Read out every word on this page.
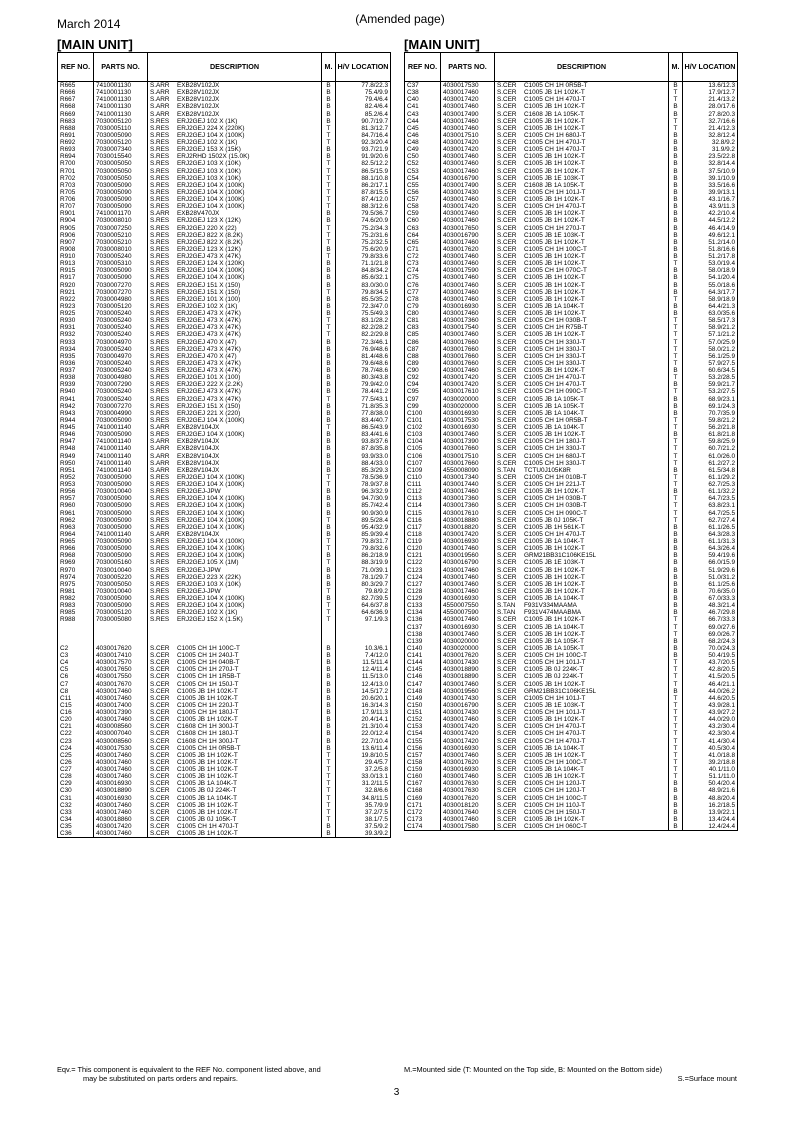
March 2014	(Amended page)
[MAIN UNIT]
REF NO.	PARTS NO.	DESCRIPTION	M.	H/V LOCATION
R665	7410001130	S.ARR EXB28V102JX	B	77.8/22.3
R666	7410001130	S.ARR EXB28V102JX	B	75.4/9.9
R667	7410001130	S.ARR EXB28V102JX	B	79.4/6.4
R668	7410001130	S.ARR EXB28V102JX	B	82.4/6.4
R669	7410001130	S.ARR EXB28V102JX	B	85.2/6.4
R683	7030005120	S.RES ERJ2GEJ 102 X (1K)	B	90.7/19.7
R688	7030005110	S.RES ERJ2GEJ 224 X (220K)	T	81.3/12.7
R691	7030005090	S.RES ERJ2GEJ 104 X (100K)	T	84.7/16.4
R692	7030005120	S.RES ERJ2GEJ 102 X (1K)	T	92.3/20.4
R693	7030007340	S.RES ERJ2GEJ 153 X (15K)	B	93.7/21.9
R694	7030015540	S.RES ERJ2RHD 1502X (15.0K)	B	91.9/20.6
R700	7030005050	S.RES ERJ2GEJ 103 X (10K)	T	82.5/12.2
R701	7030005050	S.RES ERJ2GEJ 103 X (10K)	T	86.5/15.9
R702	7030005050	S.RES ERJ2GEJ 103 X (10K)	T	88.1/10.8
R703	7030005090	S.RES ERJ2GEJ 104 X (100K)	T	86.2/17.1
R705	7030005090	S.RES ERJ2GEJ 104 X (100K)	T	87.8/15.5
R706	7030005090	S.RES ERJ2GEJ 104 X (100K)	T	87.4/12.0
R707	7030005090	S.RES ERJ2GEJ 104 X (100K)	T	88.3/12.6
R901	7410001170	S.ARR EXB28V470JX	B	79.5/36.7
R904	7030008010	S.RES ERJ2GEJ 123 X (12K)	B	74.6/20.9
R905	7030007250	S.RES ERJ2GEJ 220 X (22)	T	75.2/34.3
R906	7030005210	S.RES ERJ2GEJ 822 X (8.2K)	T	75.2/31.6
R907	7030005210	S.RES ERJ2GEJ 822 X (8.2K)	T	75.2/32.5
R908	7030008010	S.RES ERJ2GEJ 123 X (12K)	B	75.6/20.9
R910	7030005240	S.RES ERJ2GEJ 473 X (47K)	T	79.8/33.6
R913	7030005310	S.RES ERJ2GEJ 124 X (120K)	B	71.1/21.8
R915	7030005090	S.RES ERJ2GEJ 104 X (100K)	B	84.8/34.2
R917	7030005090	S.RES ERJ2GEJ 104 X (100K)	B	85.6/32.1
R920	7030007270	S.RES ERJ2GEJ 151 X (150)	B	83.0/30.0
R921	7030007270	S.RES ERJ2GEJ 151 X (150)	T	79.8/34.5
R922	7030004980	S.RES ERJ2GEJ 101 X (100)	B	85.5/35.2
R923	7030005120	S.RES ERJ2GEJ 102 X (1K)	B	72.3/47.0
R925	7030005240	S.RES ERJ2GEJ 473 X (47K)	B	75.5/49.3
R930	7030005240	S.RES ERJ2GEJ 473 X (47K)	T	83.1/28.2
R931	7030005240	S.RES ERJ2GEJ 473 X (47K)	T	82.2/28.2
R932	7030005240	S.RES ERJ2GEJ 473 X (47K)	T	82.2/29.8
R933	7030004970	S.RES ERJ2GEJ 470 X (47)	B	72.3/46.1
R934	7030005240	S.RES ERJ2GEJ 473 X (47K)	B	76.9/48.6
R935	7030004970	S.RES ERJ2GEJ 470 X (47)	B	81.4/48.6
R936	7030005240	S.RES ERJ2GEJ 473 X (47K)	B	79.6/48.6
R937	7030005240	S.RES ERJ2GEJ 473 X (47K)	B	78.7/48.6
R938	7030004980	S.RES ERJ2GEJ 101 X (100)	B	80.3/43.8
R939	7030007290	S.RES ERJ2GEJ 222 X (2.2K)	B	79.9/42.0
R940	7030005240	S.RES ERJ2GEJ 473 X (47K)	B	78.4/41.2
R941	7030005240	S.RES ERJ2GEJ 473 X (47K)	T	77.5/43.1
R942	7030007270	S.RES ERJ2GEJ 151 X (150)	B	71.8/35.3
R943	7030004990	S.RES ERJ2GEJ 221 X (220)	B	77.8/38.0
R944	7030005090	S.RES ERJ2GEJ 104 X (100K)	B	83.4/40.7
R945	7410001140	S.ARR EXB28V104JX	T	86.5/43.9
R946	7030005090	S.RES ERJ2GEJ 104 X (100K)	B	83.4/41.6
R947	7410001140	S.ARR EXB28V104JX	B	93.8/37.6
R948	7410001140	S.ARR EXB28V104JX	B	87.8/35.8
R949	7410001140	S.ARR EXB28V104JX	B	93.9/33.0
R950	7410001140	S.ARR EXB28V104JX	B	88.4/33.0
R951	7410001140	S.ARR EXB28V104JX	B	85.3/29.3
R952	7030005090	S.RES ERJ2GEJ 104 X (100K)	T	78.5/36.9
R953	7030005090	S.RES ERJ2GEJ 104 X (100K)	T	78.9/37.8
R956	7030010040	S.RES ERJ2GEJ-JPW	B	96.3/32.9
R957	7030005090	S.RES ERJ2GEJ 104 X (100K)	B	94.7/30.9
R960	7030005090	S.RES ERJ2GEJ 104 X (100K)	B	85.7/42.4
R961	7030005090	S.RES ERJ2GEJ 104 X (100K)	B	90.9/30.9
R962	7030005090	S.RES ERJ2GEJ 104 X (100K)	T	89.5/28.4
R963	7030005090	S.RES ERJ2GEJ 104 X (100K)	B	95.4/32.9
R964	7410001140	S.ARR EXB28V104JX	B	85.9/39.4
R965	7030005090	S.RES ERJ2GEJ 104 X (100K)	T	79.8/31.7
R966	7030005090	S.RES ERJ2GEJ 104 X (100K)	T	79.8/32.6
R968	7030005090	S.RES ERJ2GEJ 104 X (100K)	B	86.2/18.9
R969	7030005160	S.RES ERJ2GEJ 105 X (1M)	T	88.3/19.9
R970	7030010040	S.RES ERJ2GEJ-JPW	B	71.0/39.1
R974	7030005220	S.RES ERJ2GEJ 223 X (22K)	B	78.1/29.7
R975	7030005050	S.RES ERJ2GEJ 103 X (10K)	B	80.3/29.7
R981	7030010040	S.RES ERJ2GEJ-JPW	T	79.8/9.2
R982	7030005090	S.RES ERJ2GEJ 104 X (100K)	B	82.7/39.5
R983	7030005090	S.RES ERJ2GEJ 104 X (100K)	T	64.6/37.8
R985	7030005120	S.RES ERJ2GEJ 102 X (1K)	T	64.6/36.9
R988	7030005080	S.RES ERJ2GEJ 152 X (1.5K)	T	97.1/9.3

C2	4030017620	S.CER C1005 CH 1H 100C-T	B	10.3/6.1
C3	4030017410	S.CER C1005 CH 1H 240J-T	B	7.4/12.0
C4	4030017570	S.CER C1005 CH 1H 040B-T	B	11.5/11.4
C5	4030017650	S.CER C1005 CH 1H 270J-T	B	12.4/11.4
C6	4030017550	S.CER C1005 CH 1H 1R5B-T	B	11.5/13.0
C7	4030017670	S.CER C1005 CH 1H 150J-T	B	12.4/13.0
C8	4030017460	S.CER C1005 JB 1H 102K-T	B	14.5/17.2
C11	4030017460	S.CER C1005 JB 1H 102K-T	B	20.6/20.1
C15	4030017400	S.CER C1005 CH 1H 220J-T	B	16.3/14.3
C16	4030017390	S.CER C1005 CH 1H 180J-T	B	17.9/11.3
C20	4030017460	S.CER C1005 JB 1H 102K-T	B	20.4/14.1
C21	4030008560	S.CER C1608 CH 1H 300J-T	B	21.3/10.4
C22	4030007040	S.CER C1608 CH 1H 180J-T	B	22.0/12.4
C23	4030008560	S.CER C1608 CH 1H 300J-T	B	22.7/10.4
C24	4030017530	S.CER C1005 CH 1H 0R5B-T	B	13.6/11.4
C25	4030017460	S.CER C1005 JB 1H 102K-T	T	19.8/10.5
C26	4030017460	S.CER C1005 JB 1H 102K-T	T	29.4/5.7
C27	4030017460	S.CER C1005 JB 1H 102K-T	T	37.2/5.8
C28	4030017460	S.CER C1005 JB 1H 102K-T	T	33.0/13.1
C29	4030016930	S.CER C1005 JB 1A 104K-T	T	31.2/11.5
C30	4030018890	S.CER C1005 JB 0J 224K-T	T	32.8/6.6
C31	4030016930	S.CER C1005 JB 1A 104K-T	T	34.8/11.5
C32	4030017460	S.CER C1005 JB 1H 102K-T	T	35.7/9.9
C33	4030017460	S.CER C1005 JB 1H 102K-T	T	37.2/7.5
C34	4030018860	S.CER C1005 JB 0J 105K-T	T	38.1/7.5
C35	4030017420	S.CER C1005 CH 1H 470J-T	B	37.5/9.2
C36	4030017460	S.CER C1005 JB 1H 102K-T	B	39.3/9.2
[MAIN UNIT]
REF NO.	PARTS NO.	DESCRIPTION	M.	H/V LOCATION
C37	4030017530	S.CER C1005 CH 1H 0R5B-T	B	13.6/12.3
C38	4030017460	S.CER C1005 JB 1H 102K-T	T	17.9/12.7
C40	4030017420	S.CER C1005 CH 1H 470J-T	T	21.4/13.2
C41	4030017460	S.CER C1005 JB 1H 102K-T	B	28.0/17.6
C43	4030017490	S.CER C1608 JB 1A 105K-T	B	27.8/20.3
C44	4030017460	S.CER C1005 JB 1H 102K-T	T	32.7/16.6
C45	4030017460	S.CER C1005 JB 1H 102K-T	T	21.4/12.3
C46	4030017510	S.CER C1005 CH 1H 680J-T	B	32.8/12.4
C48	4030017420	S.CER C1005 CH 1H 470J-T	B	32.8/9.2
C49	4030017420	S.CER C1005 CH 1H 470J-T	B	31.9/9.2
C50	4030017460	S.CER C1005 JB 1H 102K-T	B	23.5/22.8
C52	4030017460	S.CER C1005 JB 1H 102K-T	B	32.8/14.4
C53	4030017460	S.CER C1005 JB 1H 102K-T	B	37.5/10.9
C54	4030016790	S.CER C1005 JB 1E 103K-T	B	39.1/10.9
C55	4030017490	S.CER C1608 JB 1A 105K-T	B	33.5/16.6
C56	4030017430	S.CER C1005 CH 1H 101J-T	B	39.9/13.1
C57	4030017460	S.CER C1005 JB 1H 102K-T	B	43.1/16.7
C58	4030017420	S.CER C1005 CH 1H 470J-T	B	43.9/11.3
C59	4030017460	S.CER C1005 JB 1H 102K-T	B	42.2/10.4
C60	4030017460	S.CER C1005 JB 1H 102K-T	B	44.5/12.2
C63	4030017650	S.CER C1005 CH 1H 270J-T	B	46.4/14.9
C64	4030016790	S.CER C1005 JB 1E 103K-T	B	49.6/12.1
C65	4030017460	S.CER C1005 JB 1H 102K-T	B	51.2/14.0
C71	4030017620	S.CER C1005 CH 1H 100C-T	B	51.8/16.6
C72	4030017460	S.CER C1005 JB 1H 102K-T	B	51.2/17.8
C73	4030017460	S.CER C1005 JB 1H 102K-T	T	53.0/19.4
C74	4030017590	S.CER C1005 CH 1H 070C-T	B	58.0/18.9
C75	4030017460	S.CER C1005 JB 1H 102K-T	B	54.1/20.4
C76	4030017460	S.CER C1005 JB 1H 102K-T	B	55.0/18.6
C77	4030017460	S.CER C1005 JB 1H 102K-T	B	64.3/17.7
C78	4030017460	S.CER C1005 JB 1H 102K-T	T	58.9/18.9
C79	4030016930	S.CER C1005 JB 1A 104K-T	B	64.4/21.3
C80	4030017460	S.CER C1005 JB 1H 102K-T	B	63.0/35.6
C81	4030017360	S.CER C1005 CH 1H 030B-T	T	58.5/17.3
C83	4030017540	S.CER C1005 CH 1H R75B-T	T	58.9/21.2
C85	4030017460	S.CER C1005 JB 1H 102K-T	T	57.1/21.2
C86	4030017660	S.CER C1005 CH 1H 330J-T	T	57.0/25.9
C87	4030017660	S.CER C1005 CH 1H 330J-T	T	58.0/21.2
C88	4030017660	S.CER C1005 CH 1H 330J-T	T	56.1/25.9
C89	4030017660	S.CER C1005 CH 1H 330J-T	T	57.9/27.5
C90	4030017460	S.CER C1005 JB 1H 102K-T	B	60.6/34.5
C92	4030017420	S.CER C1005 CH 1H 470J-T	T	53.2/28.5
C94	4030017420	S.CER C1005 CH 1H 470J-T	B	59.9/21.7
C95	4030017610	S.CER C1005 CH 1H 090C-T	T	53.2/27.5
C97	4030020000	S.CER C1005 JB 1A 105K-T	B	68.9/23.1
C99	4030020000	S.CER C1005 JB 1A 105K-T	B	69.1/24.3
C100	4030016930	S.CER C1005 JB 1A 104K-T	B	70.7/35.9
C101	4030017530	S.CER C1005 CH 1H 0R5B-T	T	59.8/21.2
C102	4030016930	S.CER C1005 JB 1A 104K-T	T	56.2/21.8
C103	4030017460	S.CER C1005 JB 1H 102K-T	B	61.8/21.8
C104	4030017390	S.CER C1005 CH 1H 180J-T	T	59.8/25.9
C105	4030017660	S.CER C1005 CH 1H 330J-T	T	60.7/21.2
C106	4030017510	S.CER C1005 CH 1H 680J-T	T	61.0/26.0
C107	4030017660	S.CER C1005 CH 1H 330J-T	T	61.2/27.2
C109	4550008090	S.TAN TCTU0J105K8R	B	61.5/34.8
C110	4030017340	S.CER C1005 CH 1H 010B-T	T	61.1/29.2
C111	4030017440	S.CER C1005 CH 1H 221J-T	T	62.7/25.3
C112	4030017460	S.CER C1005 JB 1H 102K-T	B	61.1/32.2
C113	4030017360	S.CER C1005 CH 1H 030B-T	T	64.7/23.5
C114	4030017360	S.CER C1005 CH 1H 030B-T	T	63.8/23.1
C115	4030017610	S.CER C1005 CH 1H 090C-T	T	64.7/25.5
C116	4030018880	S.CER C1005 JB 0J 105K-T	T	62.7/27.4
C117	4030018820	S.CER C1005 JB 1H 561K-T	B	61.1/26.5
C118	4030017420	S.CER C1005 CH 1H 470J-T	B	64.3/28.3
C119	4030016930	S.CER C1005 JB 1A 104K-T	B	61.1/31.3
C120	4030017460	S.CER C1005 JB 1H 102K-T	B	64.3/26.4
C121	4030019560	S.CER GRM21BB31C106KE15L	B	59.4/19.6
C122	4030016790	S.CER C1005 JB 1E 103K-T	B	66.0/15.9
C123	4030017460	S.CER C1005 JB 1H 102K-T	B	51.9/29.6
C124	4030017460	S.CER C1005 JB 1H 102K-T	B	51.0/31.2
C127	4030017460	S.CER C1005 JB 1H 102K-T	B	61.1/25.6
C128	4030017460	S.CER C1005 JB 1H 102K-T	B	70.6/35.0
C129	4030016930	S.CER C1005 JB 1A 104K-T	B	67.0/33.3
C133	4550007550	S.TAN F931V334MAAMA	B	48.3/21.4
C134	4550007590	S.TAN F931V474MAABMA	B	46.7/29.8
C136	4030017460	S.CER C1005 JB 1H 102K-T	T	66.7/33.3
C137	4030016930	S.CER C1005 JB 1A 104K-T	T	69.0/27.6
C138	4030017460	S.CER C1005 JB 1H 102K-T	T	69.0/26.7
C139	4030020000	S.CER C1005 JB 1A 105K-T	B	68.2/24.3
C140	4030020000	S.CER C1005 JB 1A 105K-T	B	70.0/24.3
C141	4030017620	S.CER C1005 CH 1H 100C-T	B	50.4/19.5
C144	4030017430	S.CER C1005 CH 1H 101J-T	T	43.7/20.5
C145	4030018890	S.CER C1005 JB 0J 224K-T	T	42.8/20.5
C146	4030018890	S.CER C1005 JB 0J 224K-T	T	41.5/20.5
C147	4030017460	S.CER C1005 JB 1H 102K-T	T	46.4/21.1
C148	4030019560	S.CER GRM21BB31C106KE15L	B	44.0/26.2
C149	4030017430	S.CER C1005 CH 1H 101J-T	T	44.6/20.5
C150	4030016790	S.CER C1005 JB 1E 103K-T	T	43.9/28.1
C151	4030017430	S.CER C1005 CH 1H 101J-T	T	43.9/27.2
C152	4030017460	S.CER C1005 JB 1H 102K-T	T	44.0/29.0
C153	4030017420	S.CER C1005 CH 1H 470J-T	T	43.2/30.4
C154	4030017420	S.CER C1005 CH 1H 470J-T	T	42.3/30.4
C155	4030017420	S.CER C1005 CH 1H 470J-T	T	41.4/30.4
C156	4030016930	S.CER C1005 JB 1A 104K-T	T	40.5/30.4
C157	4030017460	S.CER C1005 JB 1H 102K-T	T	41.0/18.8
C158	4030017620	S.CER C1005 CH 1H 100C-T	T	39.2/18.8
C159	4030016930	S.CER C1005 JB 1A 104K-T	T	40.1/11.0
C160	4030017460	S.CER C1005 JB 1H 102K-T	T	51.1/11.0
C167	4030017630	S.CER C1005 CH 1H 120J-T	B	50.4/20.4
C168	4030017630	S.CER C1005 CH 1H 120J-T	B	48.9/21.6
C169	4030017620	S.CER C1005 CH 1H 100C-T	B	48.8/20.4
C171	4030018120	S.CER C1005 CH 1H 110J-T	B	16.2/18.5
C172	4030017640	S.CER C1005 CH 1H 150J-T	B	13.9/22.1
C173	4030017460	S.CER C1005 JB 1H 102K-T	B	13.4/24.4
C174	4030017580	S.CER C1005 CH 1H 060C-T	B	12.4/24.4
Eqv.= This component is equivalent to the REF No. component listed above, and
may be substituted on parts orders and repairs.
M.=Mounted side (T: Mounted on the Top side, B: Mounted on the Bottom side)
S.=Surface mount
3
